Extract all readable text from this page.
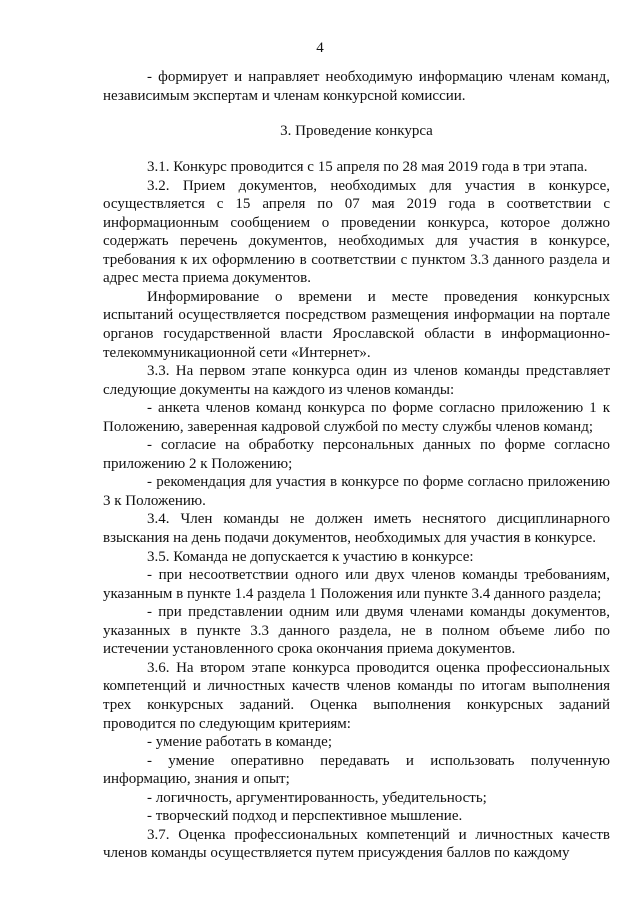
4

- формирует и направляет необходимую информацию членам команд, независимым экспертам и членам конкурсной комиссии.

3. Проведение конкурса

3.1. Конкурс проводится с 15 апреля по 28 мая 2019 года в три этапа.

3.2. Прием документов, необходимых для участия в конкурсе, осуществляется с 15 апреля по 07 мая 2019 года в соответствии с информационным сообщением о проведении конкурса, которое должно содержать перечень документов, необходимых для участия в конкурсе, требования к их оформлению в соответствии с пунктом 3.3 данного раздела и адрес места приема документов.

Информирование о времени и месте проведения конкурсных испытаний осуществляется посредством размещения информации на портале органов государственной власти Ярославской области в информационно-телекоммуникационной сети «Интернет».

3.3. На первом этапе конкурса один из членов команды представляет следующие документы на каждого из членов команды:

- анкета членов команд конкурса по форме согласно приложению 1 к Положению, заверенная кадровой службой по месту службы членов команд;

- согласие на обработку персональных данных по форме согласно приложению 2 к Положению;

- рекомендация для участия в конкурсе по форме согласно приложению 3 к Положению.

3.4. Член команды не должен иметь неснятого дисциплинарного взыскания на день подачи документов, необходимых для участия в конкурсе.

3.5. Команда не допускается к участию в конкурсе:

- при несоответствии одного или двух членов команды требованиям, указанным в пункте 1.4 раздела 1 Положения или пункте 3.4 данного раздела;

- при представлении одним или двумя членами команды документов, указанных в пункте 3.3 данного раздела, не в полном объеме либо по истечении установленного срока окончания приема документов.

3.6. На втором этапе конкурса проводится оценка профессиональных компетенций и личностных качеств членов команды по итогам выполнения трех конкурсных заданий. Оценка выполнения конкурсных заданий проводится по следующим критериям:

- умение работать в команде;

- умение оперативно передавать и использовать полученную информацию, знания и опыт;

- логичность, аргументированность, убедительность;

- творческий подход и перспективное мышление.

3.7. Оценка профессиональных компетенций и личностных качеств членов команды осуществляется путем присуждения баллов по каждому
